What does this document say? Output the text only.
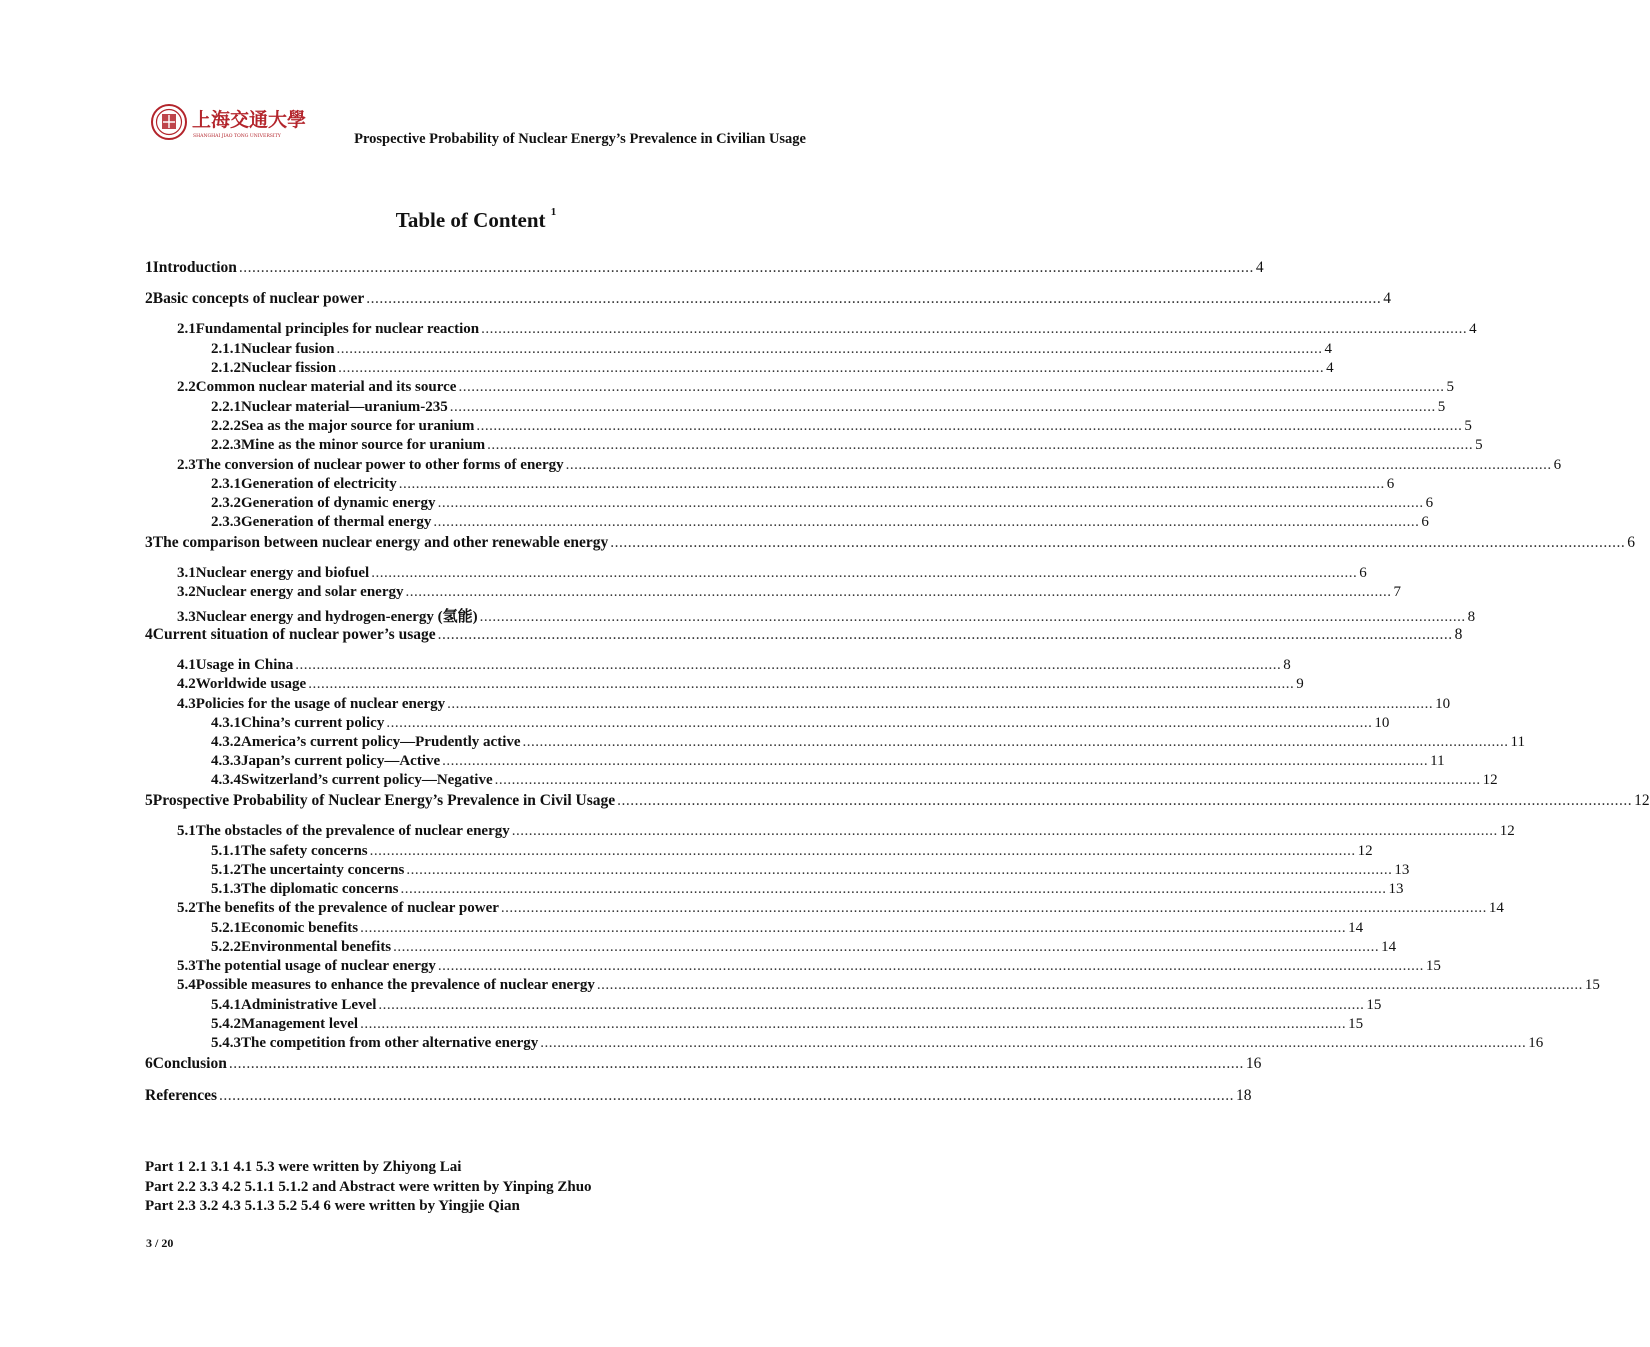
上海交通大學
SHANGHAI JIAO TONG UNIVERSITY	Prospective Probability of Nuclear Energy’s Prevalence in Civilian Usage
Table of Content $^1$
1 Introduction .....	4
2 Basic concepts of nuclear power .....	4
2.1 Fundamental principles for nuclear reaction .....	4
2.1.1 Nuclear fusion .....	4
2.1.2 Nuclear fission .....	4
2.2 Common nuclear material and its source .....	5
2.2.1 Nuclear material—uranium-235 .....	5
2.2.2 Sea as the major source for uranium .....	5
2.2.3 Mine as the minor source for uranium .....	5
2.3 The conversion of nuclear power to other forms of energy .....	6
2.3.1 Generation of electricity .....	6
2.3.2 Generation of dynamic energy .....	6
2.3.3 Generation of thermal energy .....	6
3 The comparison between nuclear energy and other renewable energy .....	6
3.1 Nuclear energy and biofuel .....	6
3.2 Nuclear energy and solar energy .....	7
3.3 Nuclear energy and hydrogen-energy (氢能) .....	8
4 Current situation of nuclear power’s usage .....	8
4.1 Usage in China .....	8
4.2 Worldwide usage .....	9
4.3 Policies for the usage of nuclear energy .....	10
4.3.1 China’s current policy .....	10
4.3.2 America’s current policy—Prudently active .....	11
4.3.3 Japan’s current policy—Active .....	11
4.3.4 Switzerland’s current policy—Negative .....	12
5 Prospective Probability of Nuclear Energy’s Prevalence in Civil Usage .....	12
5.1 The obstacles of the prevalence of nuclear energy .....	12
5.1.1 The safety concerns .....	12
5.1.2 The uncertainty concerns .....	13
5.1.3 The diplomatic concerns .....	13
5.2 The benefits of the prevalence of nuclear power .....	14
5.2.1 Economic benefits .....	14
5.2.2 Environmental benefits .....	14
5.3 The potential usage of nuclear energy .....	15
5.4 Possible measures to enhance the prevalence of nuclear energy .....	15
5.4.1 Administrative Level .....	15
5.4.2 Management level .....	15
5.4.3 The competition from other alternative energy .....	16
6 Conclusion .....	16
References .....	18
Part 1 2.1 3.1 4.1 5.3 were written by Zhiyong Lai
Part 2.2 3.3 4.2 5.1.1 5.1.2 and Abstract were written by Yinping Zhuo
Part 2.3 3.2 4.3 5.1.3 5.2 5.4 6 were written by Yingjie Qian
3 / 20
